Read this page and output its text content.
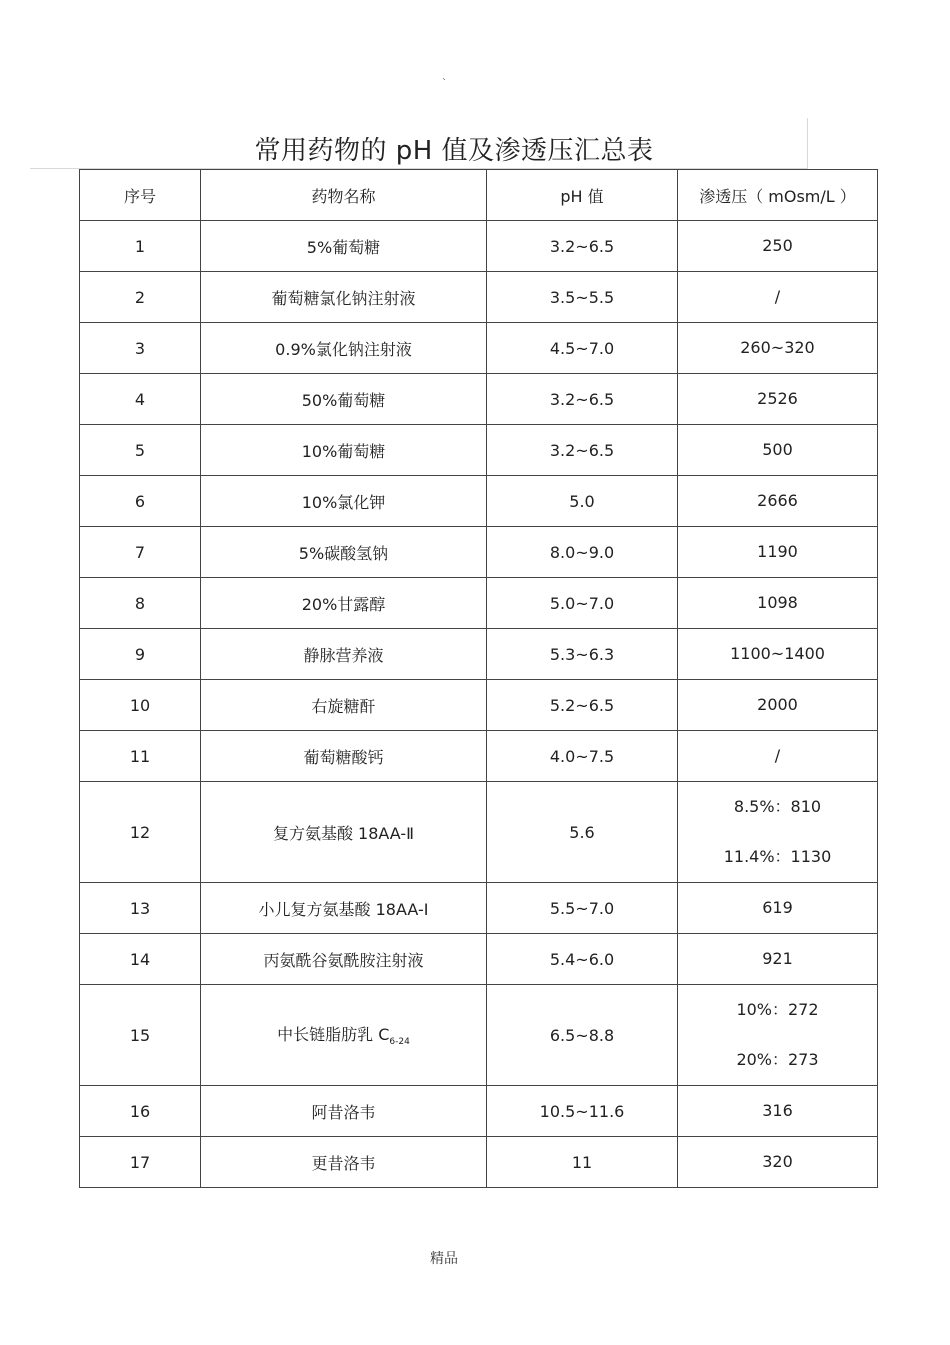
`
常用药物的 pH 值及渗透压汇总表
序号	药物名称	pH 值	渗透压（ mOsm/L ）
1	5%葡萄糖	3.2~6.5	250

2	葡萄糖氯化钠注射液	3.5~5.5	/

3	0.9%氯化钠注射液	4.5~7.0	260~320

4	50%葡萄糖	3.2~6.5	2526

5	10%葡萄糖	3.2~6.5	500

6	10%氯化钾	5.0	2666

7	5%碳酸氢钠	8.0~9.0	1190

8	20%甘露醇	5.0~7.0	1098

9	静脉营养液	5.3~6.3	1100~1400

10	右旋糖酐	5.2~6.5	2000

11	葡萄糖酸钙	4.0~7.5	/

12	复方氨基酸 18AA-Ⅱ	5.6	8.5%：810
11.4%：1130

13	小儿复方氨基酸 18AA-Ⅰ	5.5~7.0	619

14	丙氨酰谷氨酰胺注射液	5.4~6.0	921

15	中长链脂肪乳 $C_{6-24}$	6.5~8.8	10%：272
20%：273

16	阿昔洛韦	10.5~11.6	316

17	更昔洛韦	11	320
精品
